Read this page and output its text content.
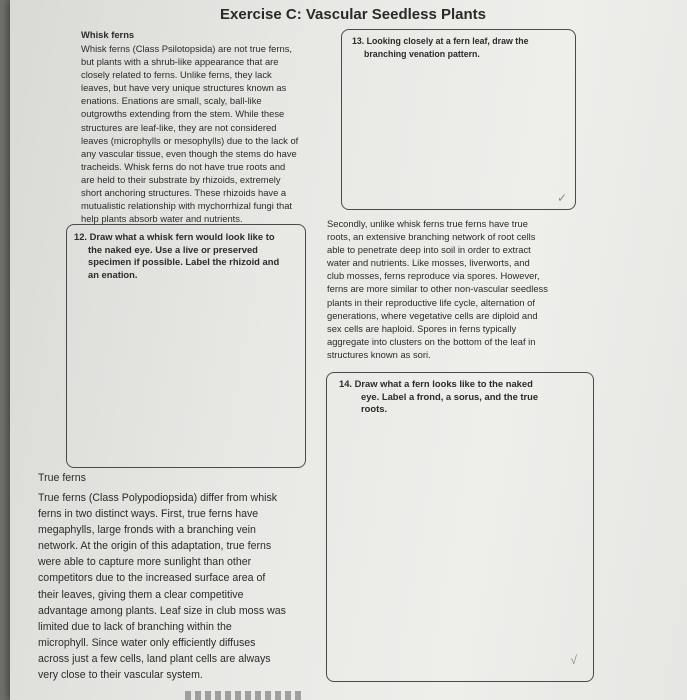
Exercise C: Vascular Seedless Plants
Whisk ferns
Whisk ferns (Class Psilotopsida) are not true ferns,
but plants with a shrub-like appearance that are
closely related to ferns. Unlike ferns, they lack
leaves, but have very unique structures known as
enations. Enations are small, scaly, ball-like
outgrowths extending from the stem. While these
structures are leaf-like, they are not considered
leaves (microphylls or mesophylls) due to the lack of
any vascular tissue, even though the stems do have
tracheids. Whisk ferns do not have true roots and
are held to their substrate by rhizoids, extremely
short anchoring structures. These rhizoids have a
mutualistic relationship with mychorrhizal fungi that
help plants absorb water and nutrients.
12. Draw what a whisk fern would look like to
the naked eye. Use a live or preserved
specimen if possible. Label the rhizoid and
an enation.
13. Looking closely at a fern leaf, draw the
branching venation pattern.
✓
Secondly, unlike whisk ferns true ferns have true
roots, an extensive branching network of root cells
able to penetrate deep into soil in order to extract
water and nutrients. Like mosses, liverworts, and
club mosses, ferns reproduce via spores. However,
ferns are more similar to other non-vascular seedless
plants in their reproductive life cycle, alternation of
generations, where vegetative cells are diploid and
sex cells are haploid. Spores in ferns typically
aggregate into clusters on the bottom of the leaf in
structures known as sori.
14. Draw what a fern looks like to the naked
eye. Label a frond, a sorus, and the true
roots.
√
True ferns
True ferns (Class Polypodiopsida) differ from whisk
ferns in two distinct ways. First, true ferns have
megaphylls, large fronds with a branching vein
network. At the origin of this adaptation, true ferns
were able to capture more sunlight than other
competitors due to the increased surface area of
their leaves, giving them a clear competitive
advantage among plants. Leaf size in club moss was
limited due to lack of branching within the
microphyll. Since water only efficiently diffuses
across just a few cells, land plant cells are always
very close to their vascular system.
